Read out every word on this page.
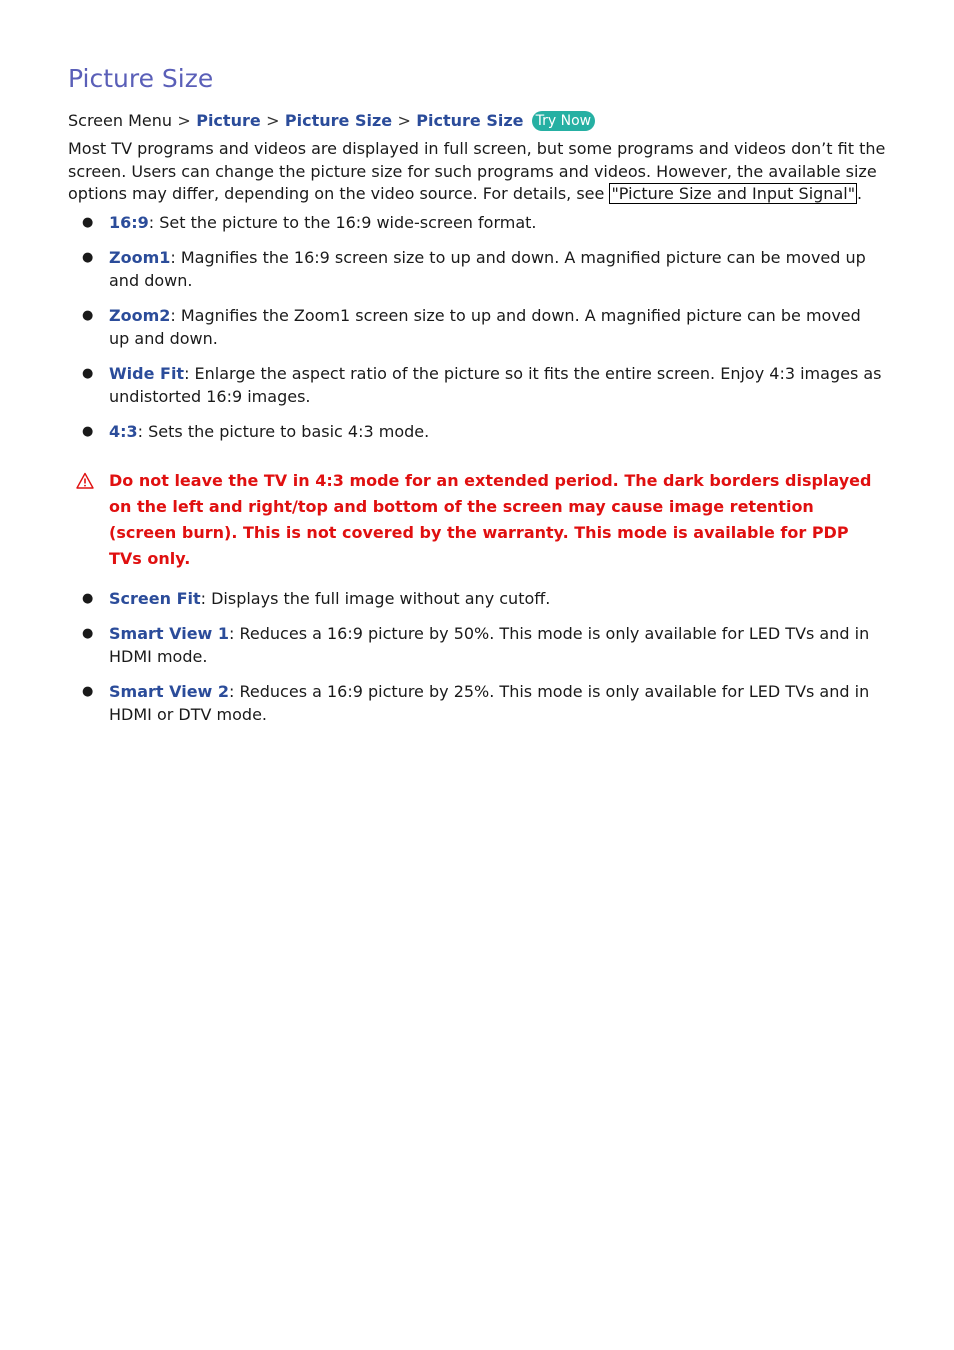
Picture Size
Screen Menu > Picture > Picture Size > Picture Size Try Now

Most TV programs and videos are displayed in full screen, but some programs and videos don’t fit the screen. Users can change the picture size for such programs and videos. However, the available size options may differ, depending on the video source. For details, see "Picture Size and Input Signal" .

● 16:9: Set the picture to the 16:9 wide-screen format.
● Zoom1: Magnifies the 16:9 screen size to up and down. A magnified picture can be moved up and down.
● Zoom2: Magnifies the Zoom1 screen size to up and down. A magnified picture can be moved up and down.
● Wide Fit: Enlarge the aspect ratio of the picture so it fits the entire screen. Enjoy 4:3 images as undistorted 16:9 images.
● 4:3: Sets the picture to basic 4:3 mode.
Do not leave the TV in 4:3 mode for an extended period. The dark borders displayed on the left and right/top and bottom of the screen may cause image retention (screen burn). This is not covered by the warranty. This mode is available for PDP TVs only.
● Screen Fit: Displays the full image without any cutoff.
● Smart View 1: Reduces a 16:9 picture by 50%. This mode is only available for LED TVs and in HDMI mode.
● Smart View 2: Reduces a 16:9 picture by 25%. This mode is only available for LED TVs and in HDMI or DTV mode.
